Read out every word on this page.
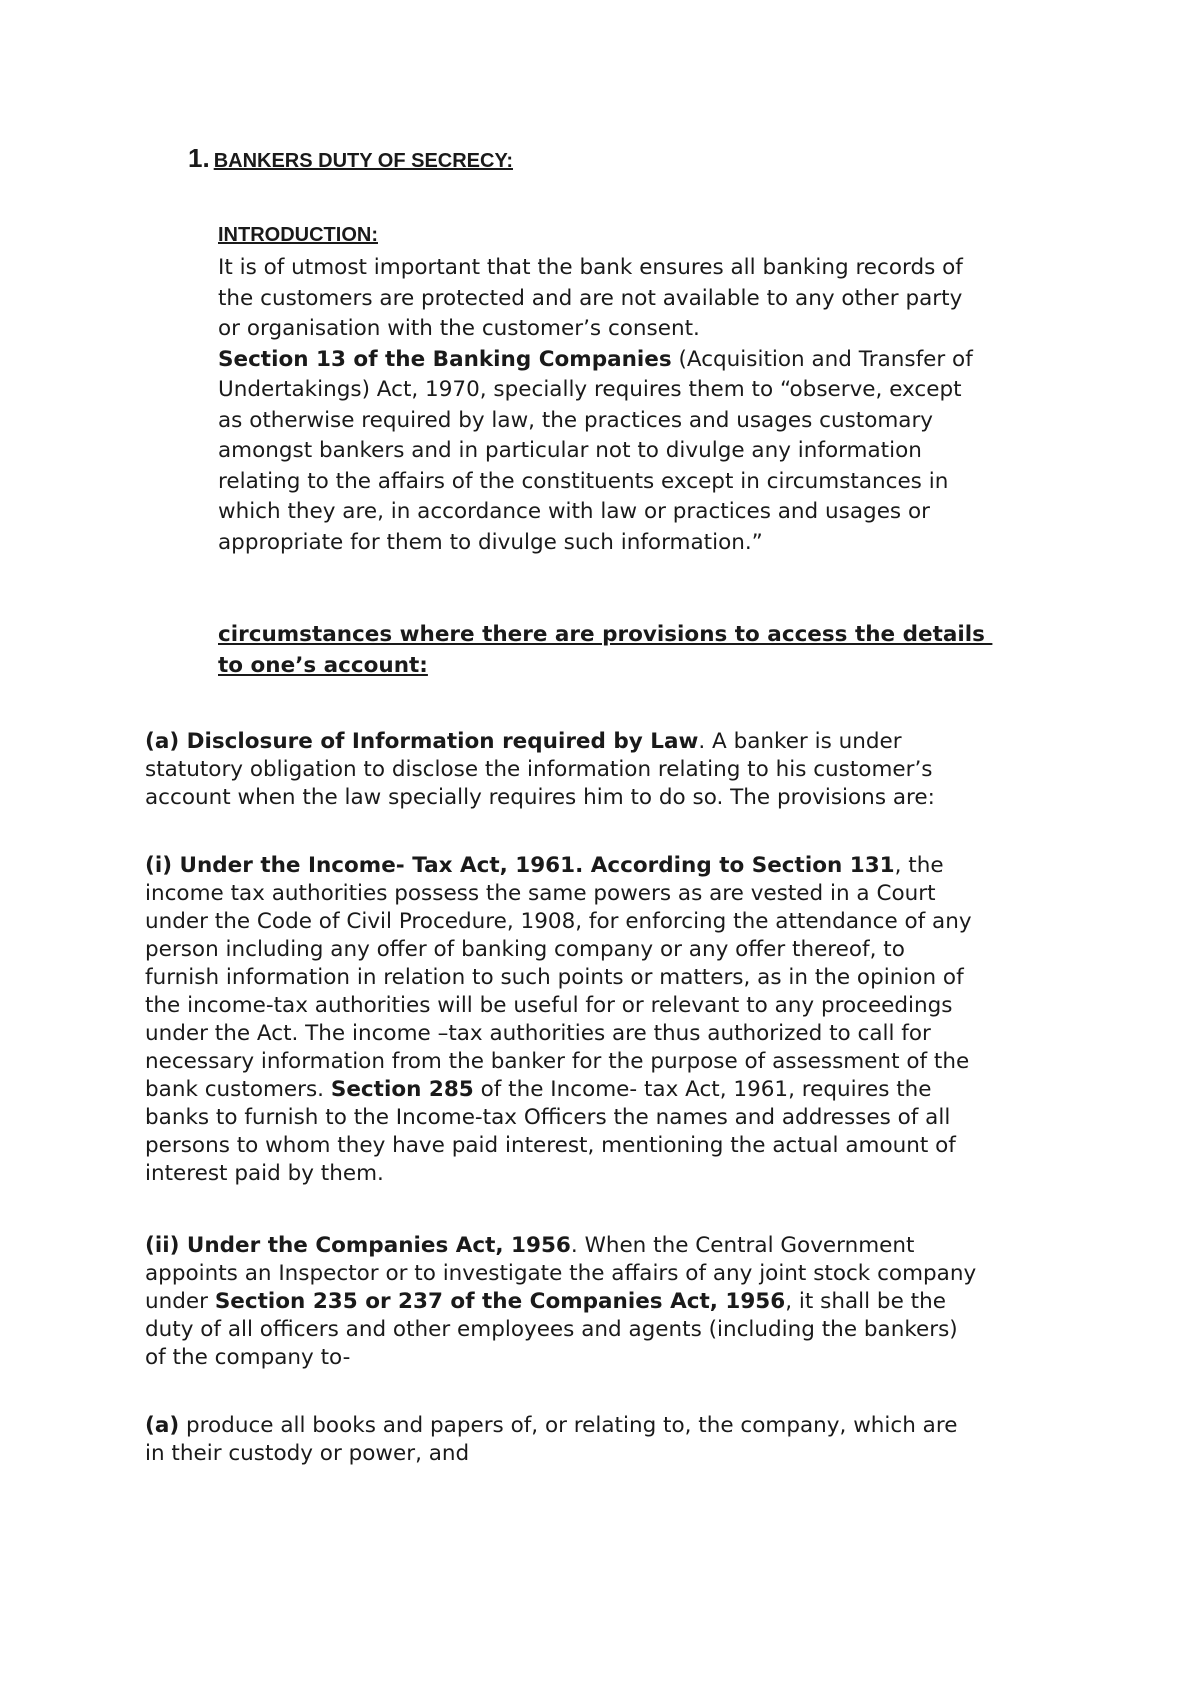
1. BANKERS DUTY OF SECRECY:
INTRODUCTION:
It is of utmost important that the bank ensures all banking records of
the customers are protected and are not available to any other party
or organisation with the customer’s consent.
Section 13 of the Banking Companies (Acquisition and Transfer of
Undertakings) Act, 1970, specially requires them to “observe, except
as otherwise required by law, the practices and usages customary
amongst bankers and in particular not to divulge any information
relating to the affairs of the constituents except in circumstances in
which they are, in accordance with law or practices and usages or
appropriate for them to divulge such information.”
circumstances where there are provisions to access the details
to one’s account:
(a) Disclosure of Information required by Law. A banker is under
statutory obligation to disclose the information relating to his customer’s
account when the law specially requires him to do so. The provisions are:
(i) Under the Income- Tax Act, 1961. According to Section 131, the
income tax authorities possess the same powers as are vested in a Court
under the Code of Civil Procedure, 1908, for enforcing the attendance of any
person including any offer of banking company or any offer thereof, to
furnish information in relation to such points or matters, as in the opinion of
the income-tax authorities will be useful for or relevant to any proceedings
under the Act. The income –tax authorities are thus authorized to call for
necessary information from the banker for the purpose of assessment of the
bank customers. Section 285 of the Income- tax Act, 1961, requires the
banks to furnish to the Income-tax Officers the names and addresses of all
persons to whom they have paid interest, mentioning the actual amount of
interest paid by them.
(ii) Under the Companies Act, 1956. When the Central Government
appoints an Inspector or to investigate the affairs of any joint stock company
under Section 235 or 237 of the Companies Act, 1956, it shall be the
duty of all officers and other employees and agents (including the bankers)
of the company to-
(a) produce all books and papers of, or relating to, the company, which are
in their custody or power, and
